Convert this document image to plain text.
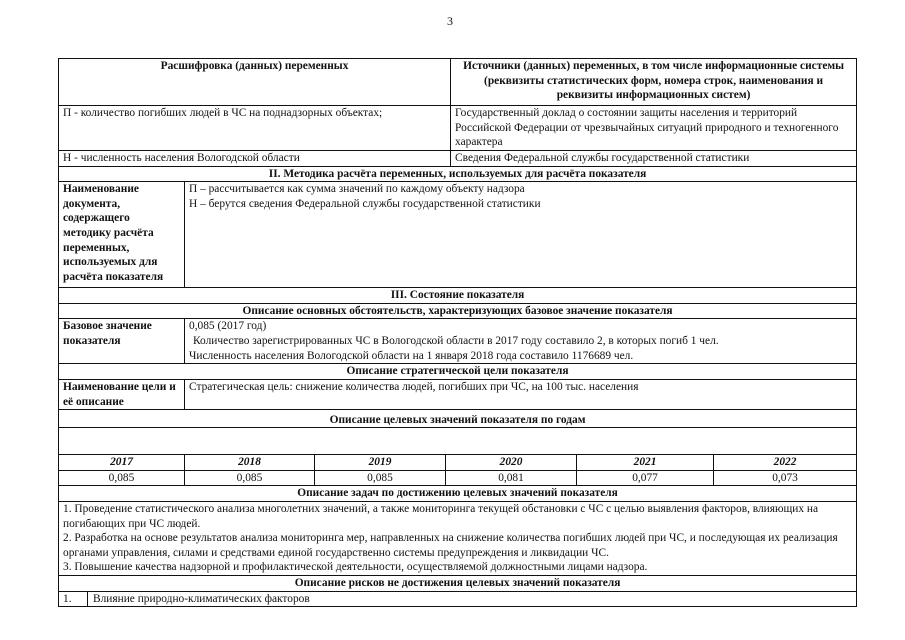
3
Расшифровка (данных) переменных				Источники (данных) переменных, в том числе информационные системы (реквизиты статистических форм, номера строк, наименования и реквизиты информационных систем)		
П - количество погибших людей в ЧС на поднадзорных объектах;				Государственный доклад о состоянии защиты населения и территорий Российской Федерации от чрезвычайных ситуаций природного и техногенного характера		
Н - численность населения Вологодской области				Сведения Федеральной службы государственной статистики		
II. Методика расчёта переменных, используемых для расчёта показателя						
Наименование документа, содержащего методику расчёта переменных, используемых для расчёта показателя	П – рассчитывается как сумма значений по каждому объекту надзора
Н – берутся сведения Федеральной службы государственной статистики					

III. Состояние показателя						
Описание основных обстоятельств, характеризующих базовое значение показателя						
Базовое значение показателя	0,085 (2017 год)
Количество зарегистрированных ЧС в Вологодской области в 2017 году составило 2, в которых погиб 1 чел.
Численность населения Вологодской области на 1 января 2018 года составило 1176689 чел.					

Описание стратегической цели показателя						
Наименование цели и её описание	Стратегическая цель: снижение количества людей, погибших при ЧС, на 100 тыс. населения					
Описание целевых значений показателя по годам						

2017	2018	2019	2020		2021	2022
0,085	0,085	0,085	0,081		0,077	0,073
Описание задач по достижению целевых значений показателя						

1. Проведение статистического анализа многолетних значений, а также мониторинга текущей обстановки с ЧС с целью выявления факторов, влияющих на погибающих при ЧС людей.
2. Разработка на основе результатов анализа мониторинга мер, направленных на снижение количества погибших людей при ЧС, и последующая их реализация органами управления, силами и средствами единой государственно системы предупреждения и ликвидации ЧС.
3. Повышение качества надзорной и профилактической деятельности, осуществляемой должностными лицами надзора.						

Описание рисков не достижения целевых значений показателя						
1. Влияние природно-климатических факторов						
